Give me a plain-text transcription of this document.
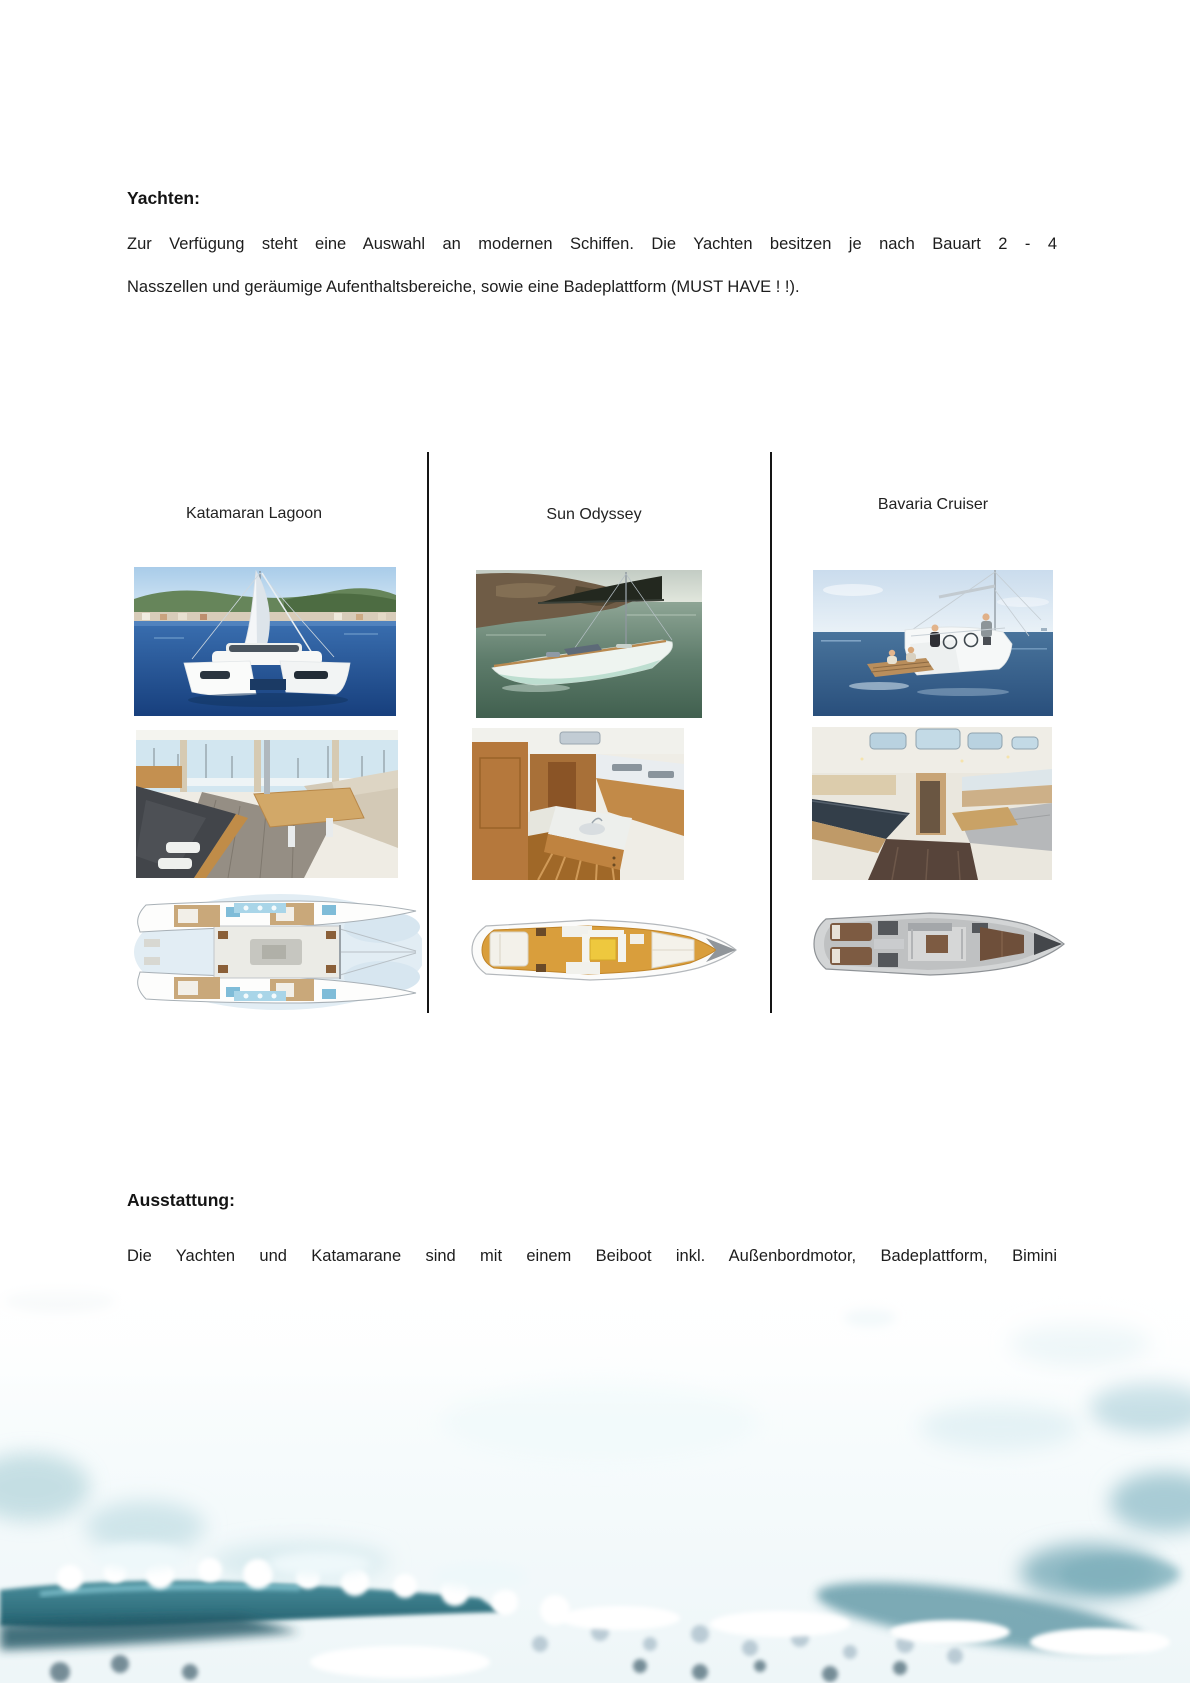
Yachten:
Zur Verfügung steht eine Auswahl an modernen Schiffen. Die Yachten besitzen je nach Bauart 2 - 4
Nasszellen und geräumige Aufenthaltsbereiche, sowie eine Badeplattform (MUST HAVE ! !).
Katamaran Lagoon	Sun Odyssey
Bavaria Cruiser
Ausstattung:
Die Yachten und Katamarane sind mit einem Beiboot inkl. Außenbordmotor, Badeplattform, Bimini
